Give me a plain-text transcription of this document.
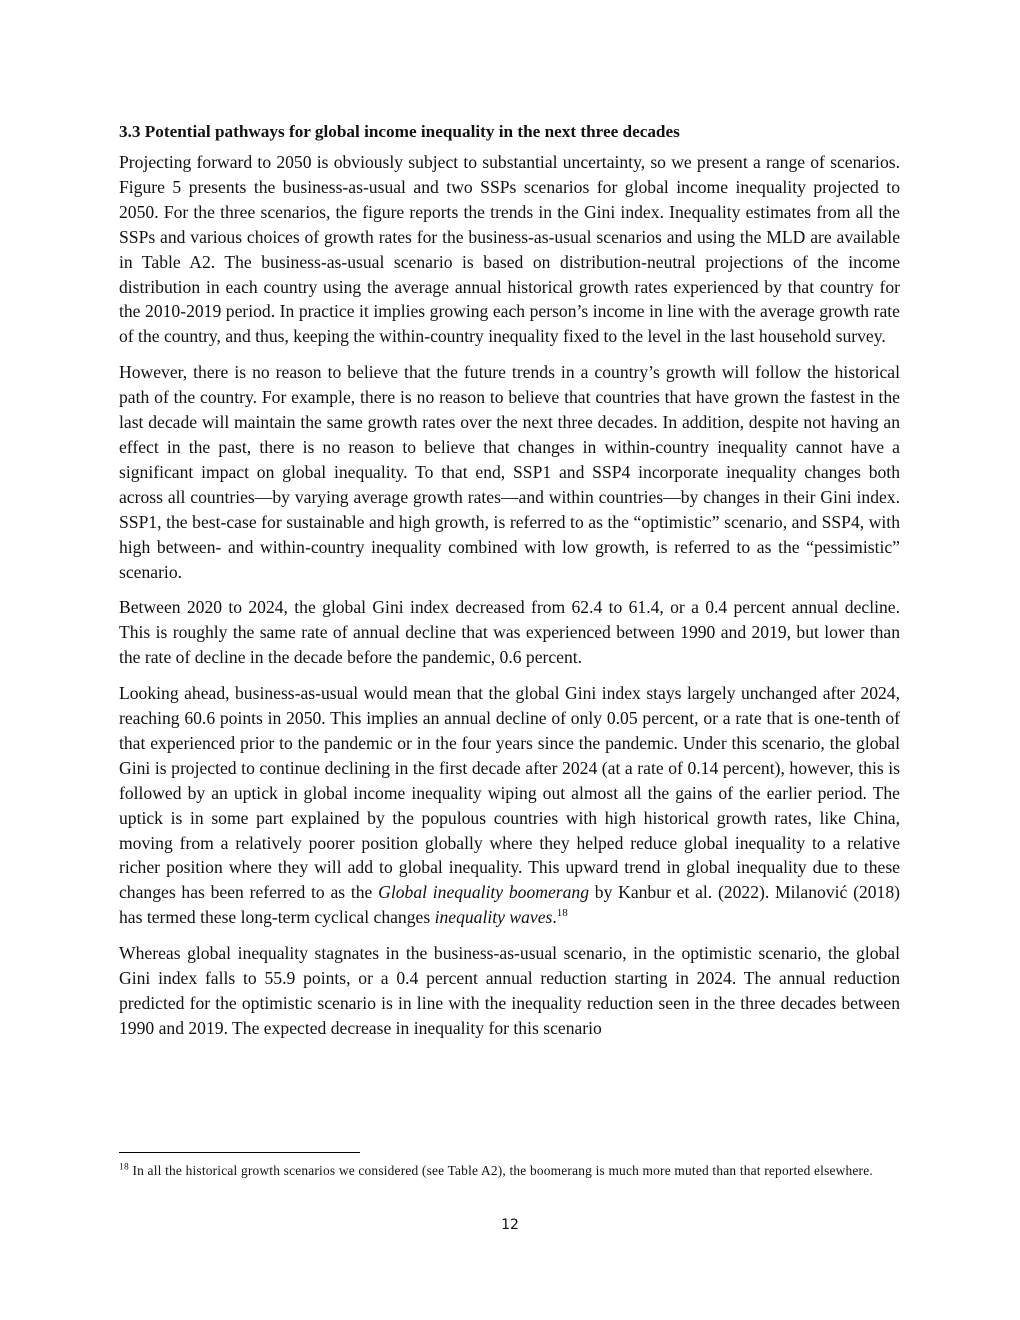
3.3 Potential pathways for global income inequality in the next three decades

Projecting forward to 2050 is obviously subject to substantial uncertainty, so we present a range of scenarios. Figure 5 presents the business-as-usual and two SSPs scenarios for global income inequality projected to 2050. For the three scenarios, the figure reports the trends in the Gini index. Inequality estimates from all the SSPs and various choices of growth rates for the business-as-usual scenarios and using the MLD are available in Table A2. The business-as-usual scenario is based on distribution-neutral projections of the income distribution in each country using the average annual historical growth rates experienced by that country for the 2010-2019 period. In practice it implies growing each person’s income in line with the average growth rate of the country, and thus, keeping the within-country inequality fixed to the level in the last household survey.

However, there is no reason to believe that the future trends in a country’s growth will follow the historical path of the country. For example, there is no reason to believe that countries that have grown the fastest in the last decade will maintain the same growth rates over the next three decades. In addition, despite not having an effect in the past, there is no reason to believe that changes in within-country inequality cannot have a significant impact on global inequality. To that end, SSP1 and SSP4 incorporate inequality changes both across all countries—by varying average growth rates—and within countries—by changes in their Gini index. SSP1, the best-case for sustainable and high growth, is referred to as the “optimistic” scenario, and SSP4, with high between- and within-country inequality combined with low growth, is referred to as the “pessimistic” scenario.

Between 2020 to 2024, the global Gini index decreased from 62.4 to 61.4, or a 0.4 percent annual decline. This is roughly the same rate of annual decline that was experienced between 1990 and 2019, but lower than the rate of decline in the decade before the pandemic, 0.6 percent.

Looking ahead, business-as-usual would mean that the global Gini index stays largely unchanged after 2024, reaching 60.6 points in 2050. This implies an annual decline of only 0.05 percent, or a rate that is one-tenth of that experienced prior to the pandemic or in the four years since the pandemic. Under this scenario, the global Gini is projected to continue declining in the first decade after 2024 (at a rate of 0.14 percent), however, this is followed by an uptick in global income inequality wiping out almost all the gains of the earlier period. The uptick is in some part explained by the populous countries with high historical growth rates, like China, moving from a relatively poorer position globally where they helped reduce global inequality to a relative richer position where they will add to global inequality. This upward trend in global inequality due to these changes has been referred to as the Global inequality boomerang by Kanbur et al. (2022). Milanović (2018) has termed these long-term cyclical changes inequality waves.$^{18}$

Whereas global inequality stagnates in the business-as-usual scenario, in the optimistic scenario, the global Gini index falls to 55.9 points, or a 0.4 percent annual reduction starting in 2024. The annual reduction predicted for the optimistic scenario is in line with the inequality reduction seen in the three decades between 1990 and 2019. The expected decrease in inequality for this scenario

$^{18}$ In all the historical growth scenarios we considered (see Table A2), the boomerang is much more muted than that reported elsewhere.
12
